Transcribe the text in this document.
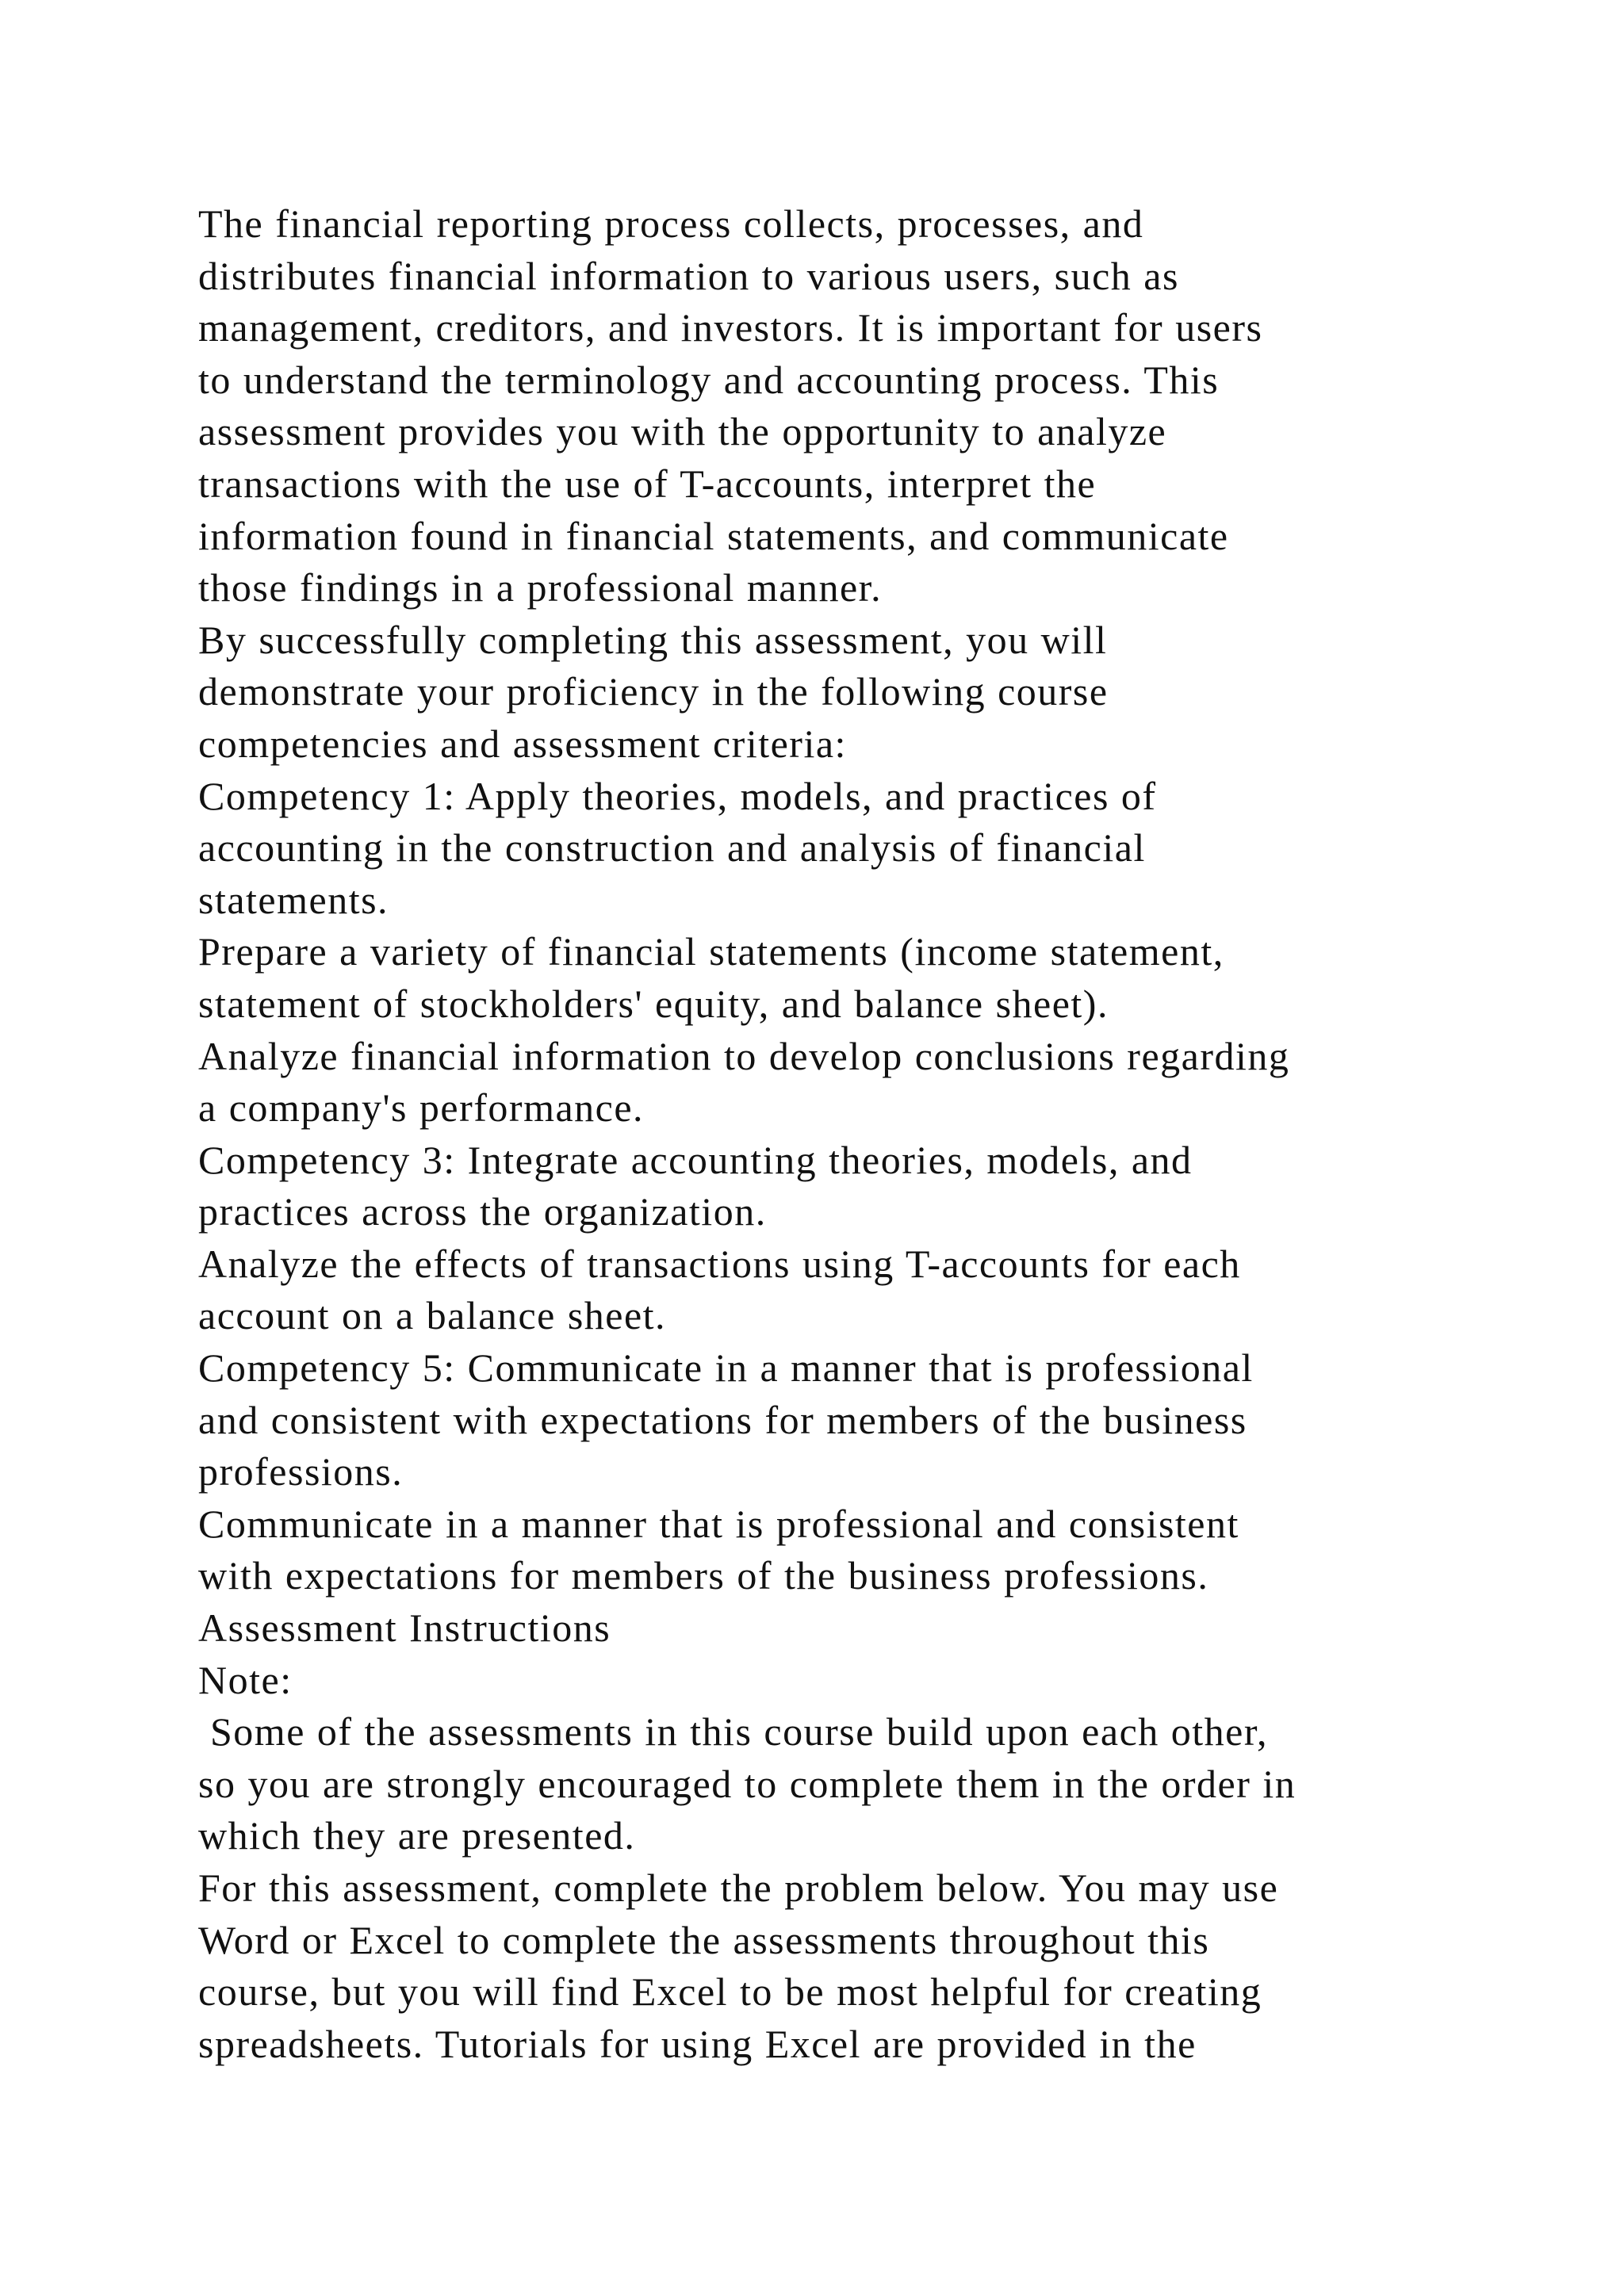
The financial reporting process collects, processes, and
distributes financial information to various users, such as
management, creditors, and investors. It is important for users
to understand the terminology and accounting process. This
assessment provides you with the opportunity to analyze
transactions with the use of T-accounts, interpret the
information found in financial statements, and communicate
those findings in a professional manner.
By successfully completing this assessment, you will
demonstrate your proficiency in the following course
competencies and assessment criteria:
Competency 1: Apply theories, models, and practices of
accounting in the construction and analysis of financial
statements.
Prepare a variety of financial statements (income statement,
statement of stockholders' equity, and balance sheet).
Analyze financial information to develop conclusions regarding
a company's performance.
Competency 3: Integrate accounting theories, models, and
practices across the organization.
Analyze the effects of transactions using T-accounts for each
account on a balance sheet.
Competency 5: Communicate in a manner that is professional
and consistent with expectations for members of the business
professions.
Communicate in a manner that is professional and consistent
with expectations for members of the business professions.
Assessment Instructions
Note:
Some of the assessments in this course build upon each other,
so you are strongly encouraged to complete them in the order in
which they are presented.
For this assessment, complete the problem below. You may use
Word or Excel to complete the assessments throughout this
course, but you will find Excel to be most helpful for creating
spreadsheets. Tutorials for using Excel are provided in the
